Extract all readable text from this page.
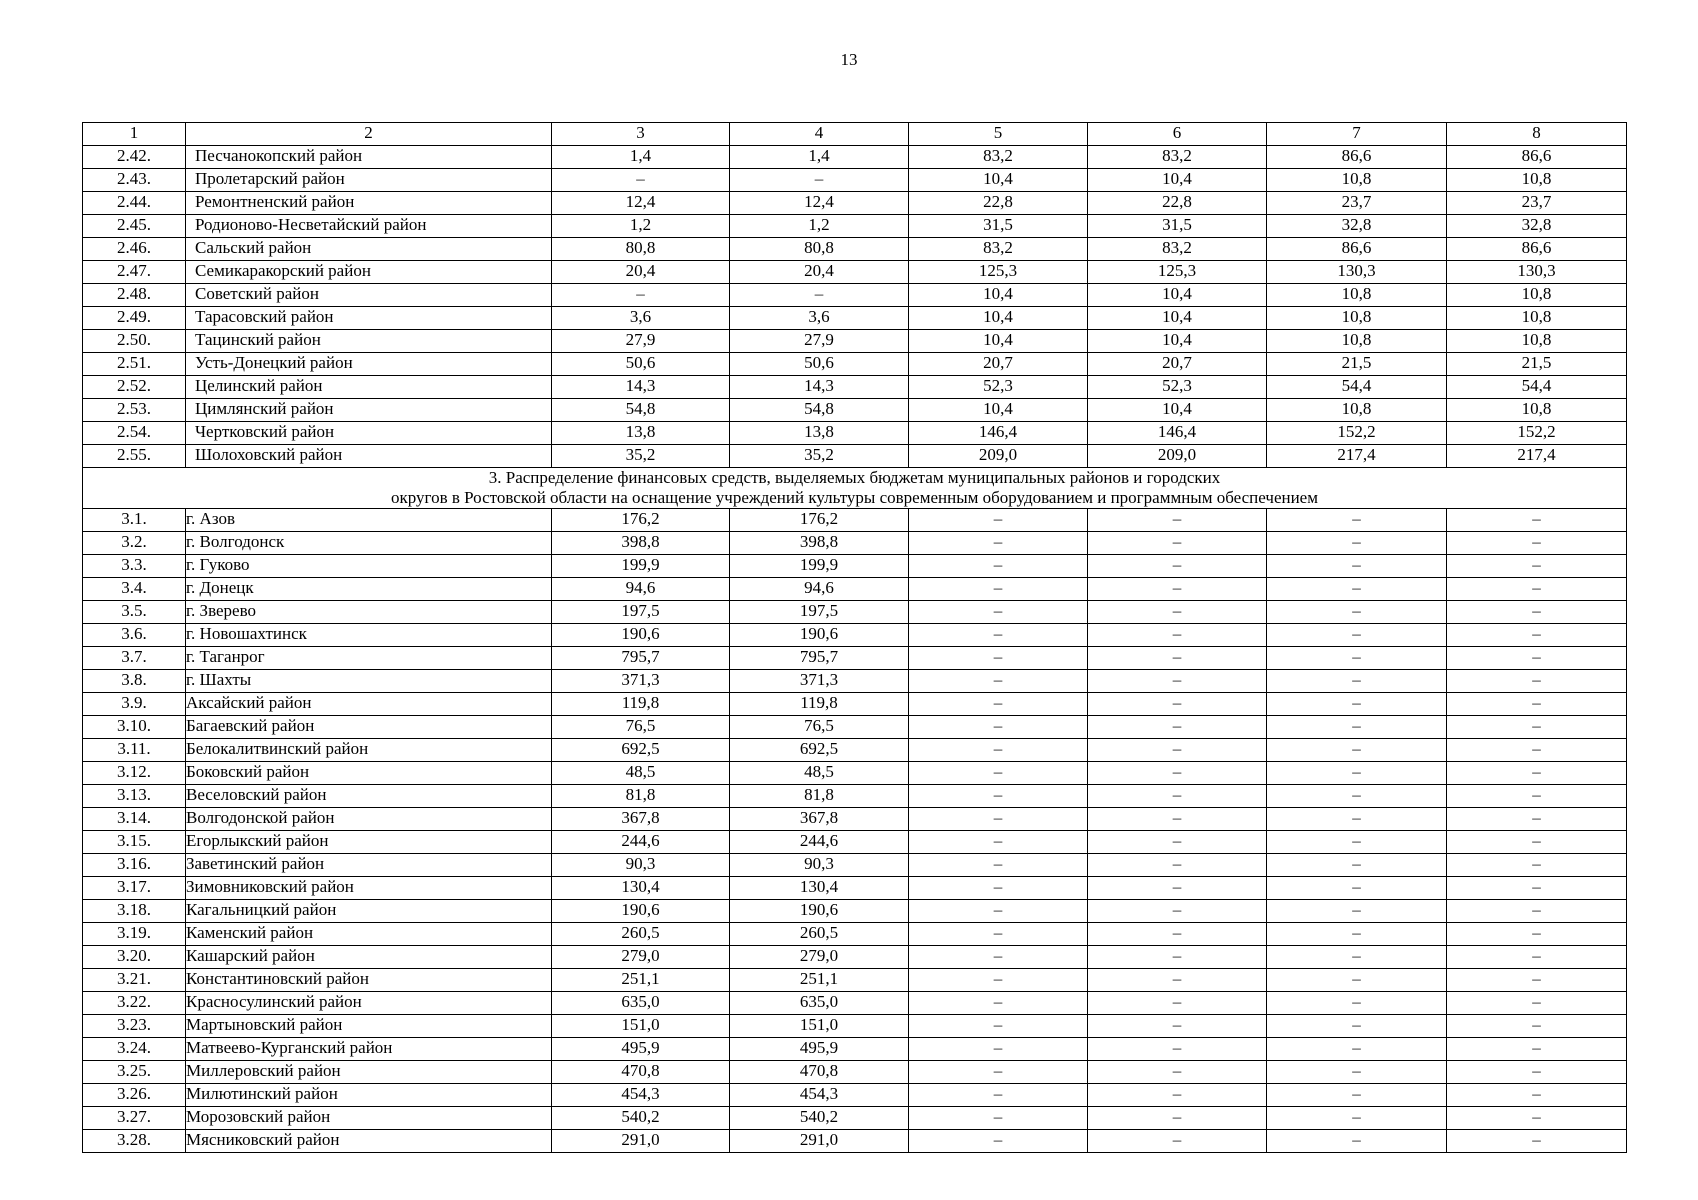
13
1	2	3	4	5	6	7	8
2.42.	Песчанокопский район	1,4	1,4	83,2	83,2	86,6	86,6
2.43.	Пролетарский район	–	–	10,4	10,4	10,8	10,8
2.44.	Ремонтненский район	12,4	12,4	22,8	22,8	23,7	23,7
2.45.	Родионово-Несветайский район	1,2	1,2	31,5	31,5	32,8	32,8
2.46.	Сальский район	80,8	80,8	83,2	83,2	86,6	86,6
2.47.	Семикаракорский район	20,4	20,4	125,3	125,3	130,3	130,3
2.48.	Советский район	–	–	10,4	10,4	10,8	10,8
2.49.	Тарасовский район	3,6	3,6	10,4	10,4	10,8	10,8
2.50.	Тацинский район	27,9	27,9	10,4	10,4	10,8	10,8
2.51.	Усть-Донецкий район	50,6	50,6	20,7	20,7	21,5	21,5
2.52.	Целинский район	14,3	14,3	52,3	52,3	54,4	54,4
2.53.	Цимлянский район	54,8	54,8	10,4	10,4	10,8	10,8
2.54.	Чертковский район	13,8	13,8	146,4	146,4	152,2	152,2
2.55.	Шолоховский район	35,2	35,2	209,0	209,0	217,4	217,4

3. Распределение финансовых средств, выделяемых бюджетам муниципальных районов и городских
округов в Ростовской области на оснащение учреждений культуры современным оборудованием и программным обеспечением							

3.1.	г. Азов	176,2	176,2	–	–	–	–
3.2.	г. Волгодонск	398,8	398,8	–	–	–	–
3.3.	г. Гуково	199,9	199,9	–	–	–	–
3.4.	г. Донецк	94,6	94,6	–	–	–	–
3.5.	г. Зверево	197,5	197,5	–	–	–	–
3.6.	г. Новошахтинск	190,6	190,6	–	–	–	–
3.7.	г. Таганрог	795,7	795,7	–	–	–	–
3.8.	г. Шахты	371,3	371,3	–	–	–	–
3.9.	Аксайский район	119,8	119,8	–	–	–	–
3.10.	Багаевский район	76,5	76,5	–	–	–	–
3.11.	Белокалитвинский район	692,5	692,5	–	–	–	–
3.12.	Боковский район	48,5	48,5	–	–	–	–
3.13.	Веселовский район	81,8	81,8	–	–	–	–
3.14.	Волгодонской район	367,8	367,8	–	–	–	–
3.15.	Егорлыкский район	244,6	244,6	–	–	–	–
3.16.	Заветинский район	90,3	90,3	–	–	–	–
3.17.	Зимовниковский район	130,4	130,4	–	–	–	–
3.18.	Кагальницкий район	190,6	190,6	–	–	–	–
3.19.	Каменский район	260,5	260,5	–	–	–	–
3.20.	Кашарский район	279,0	279,0	–	–	–	–
3.21.	Константиновский район	251,1	251,1	–	–	–	–
3.22.	Красносулинский район	635,0	635,0	–	–	–	–
3.23.	Мартыновский район	151,0	151,0	–	–	–	–
3.24.	Матвеево-Курганский район	495,9	495,9	–	–	–	–
3.25.	Миллеровский район	470,8	470,8	–	–	–	–
3.26.	Милютинский район	454,3	454,3	–	–	–	–
3.27.	Морозовский район	540,2	540,2	–	–	–	–
3.28.	Мясниковский район	291,0	291,0	–	–	–	–
